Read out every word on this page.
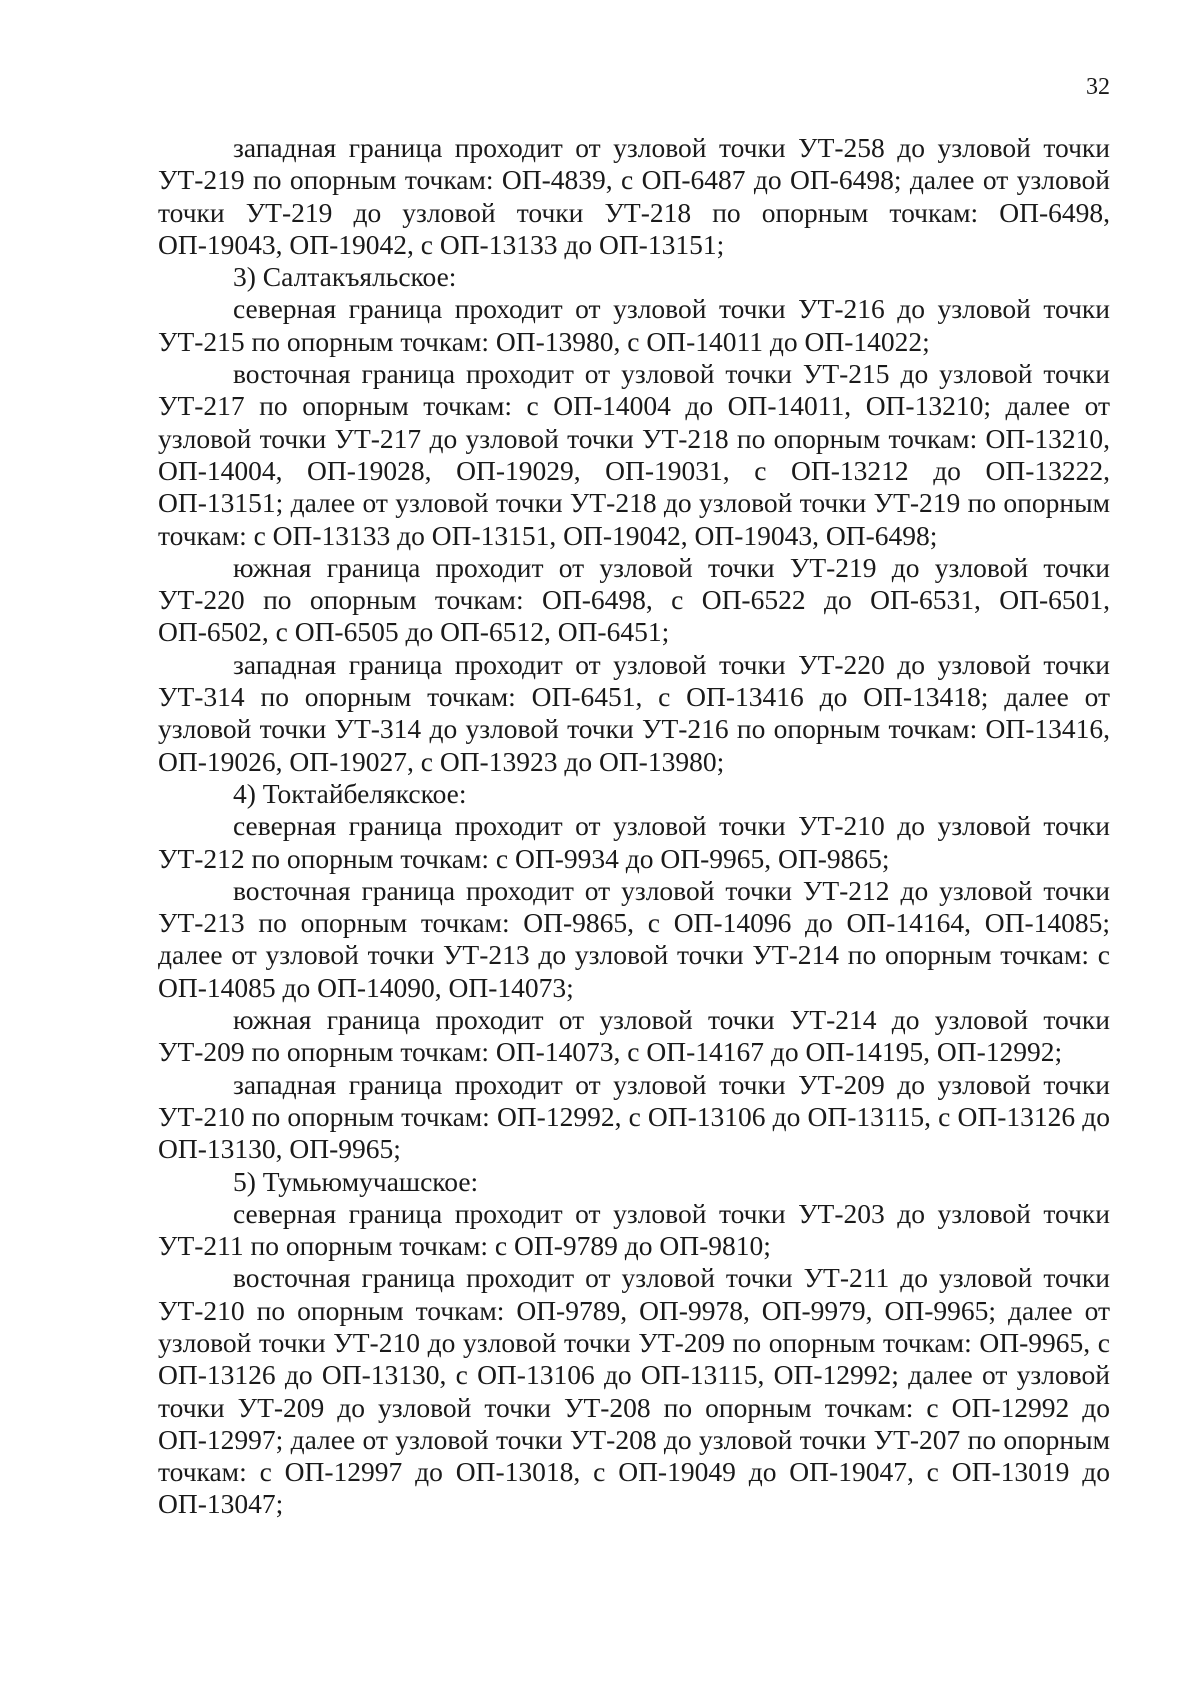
32

западная граница проходит от узловой точки УТ-258 до узловой точки УТ-219 по опорным точкам: ОП-4839, с ОП-6487 до ОП-6498; далее от узловой точки УТ-219 до узловой точки УТ-218 по опорным точкам: ОП-6498, ОП-19043, ОП-19042, с ОП-13133 до ОП-13151;

3) Салтакъяльское:

северная граница проходит от узловой точки УТ-216 до узловой точки УТ-215 по опорным точкам: ОП-13980, с ОП-14011 до ОП-14022;

восточная граница проходит от узловой точки УТ-215 до узловой точки УТ-217 по опорным точкам: с ОП-14004 до ОП-14011, ОП-13210; далее от узловой точки УТ-217 до узловой точки УТ-218 по опорным точкам: ОП-13210, ОП-14004, ОП-19028, ОП-19029, ОП-19031, с ОП-13212 до ОП-13222, ОП-13151; далее от узловой точки УТ-218 до узловой точки УТ-219 по опорным точкам: с ОП-13133 до ОП-13151, ОП-19042, ОП-19043, ОП-6498;

южная граница проходит от узловой точки УТ-219 до узловой точки УТ-220 по опорным точкам: ОП-6498, с ОП-6522 до ОП-6531, ОП-6501, ОП-6502, с ОП-6505 до ОП-6512, ОП-6451;

западная граница проходит от узловой точки УТ-220 до узловой точки УТ-314 по опорным точкам: ОП-6451, с ОП-13416 до ОП-13418; далее от узловой точки УТ-314 до узловой точки УТ-216 по опорным точкам: ОП-13416, ОП-19026, ОП-19027, с ОП-13923 до ОП-13980;

4) Токтайбелякское:

северная граница проходит от узловой точки УТ-210 до узловой точки УТ-212 по опорным точкам: с ОП-9934 до ОП-9965, ОП-9865;

восточная граница проходит от узловой точки УТ-212 до узловой точки УТ-213 по опорным точкам: ОП-9865, с ОП-14096 до ОП-14164, ОП-14085; далее от узловой точки УТ-213 до узловой точки УТ-214 по опорным точкам: с ОП-14085 до ОП-14090, ОП-14073;

южная граница проходит от узловой точки УТ-214 до узловой точки УТ-209 по опорным точкам: ОП-14073, с ОП-14167 до ОП-14195, ОП-12992;

западная граница проходит от узловой точки УТ-209 до узловой точки УТ-210 по опорным точкам: ОП-12992, с ОП-13106 до ОП-13115, с ОП-13126 до ОП-13130, ОП-9965;

5) Тумьюмучашское:

северная граница проходит от узловой точки УТ-203 до узловой точки УТ-211 по опорным точкам: с ОП-9789 до ОП-9810;

восточная граница проходит от узловой точки УТ-211 до узловой точки УТ-210 по опорным точкам: ОП-9789, ОП-9978, ОП-9979, ОП-9965; далее от узловой точки УТ-210 до узловой точки УТ-209 по опорным точкам: ОП-9965, с ОП-13126 до ОП-13130, с ОП-13106 до ОП-13115, ОП-12992; далее от узловой точки УТ-209 до узловой точки УТ-208 по опорным точкам: с ОП-12992 до ОП-12997; далее от узловой точки УТ-208 до узловой точки УТ-207 по опорным точкам: с ОП-12997 до ОП-13018, с ОП-19049 до ОП-19047, с ОП-13019 до ОП-13047;
